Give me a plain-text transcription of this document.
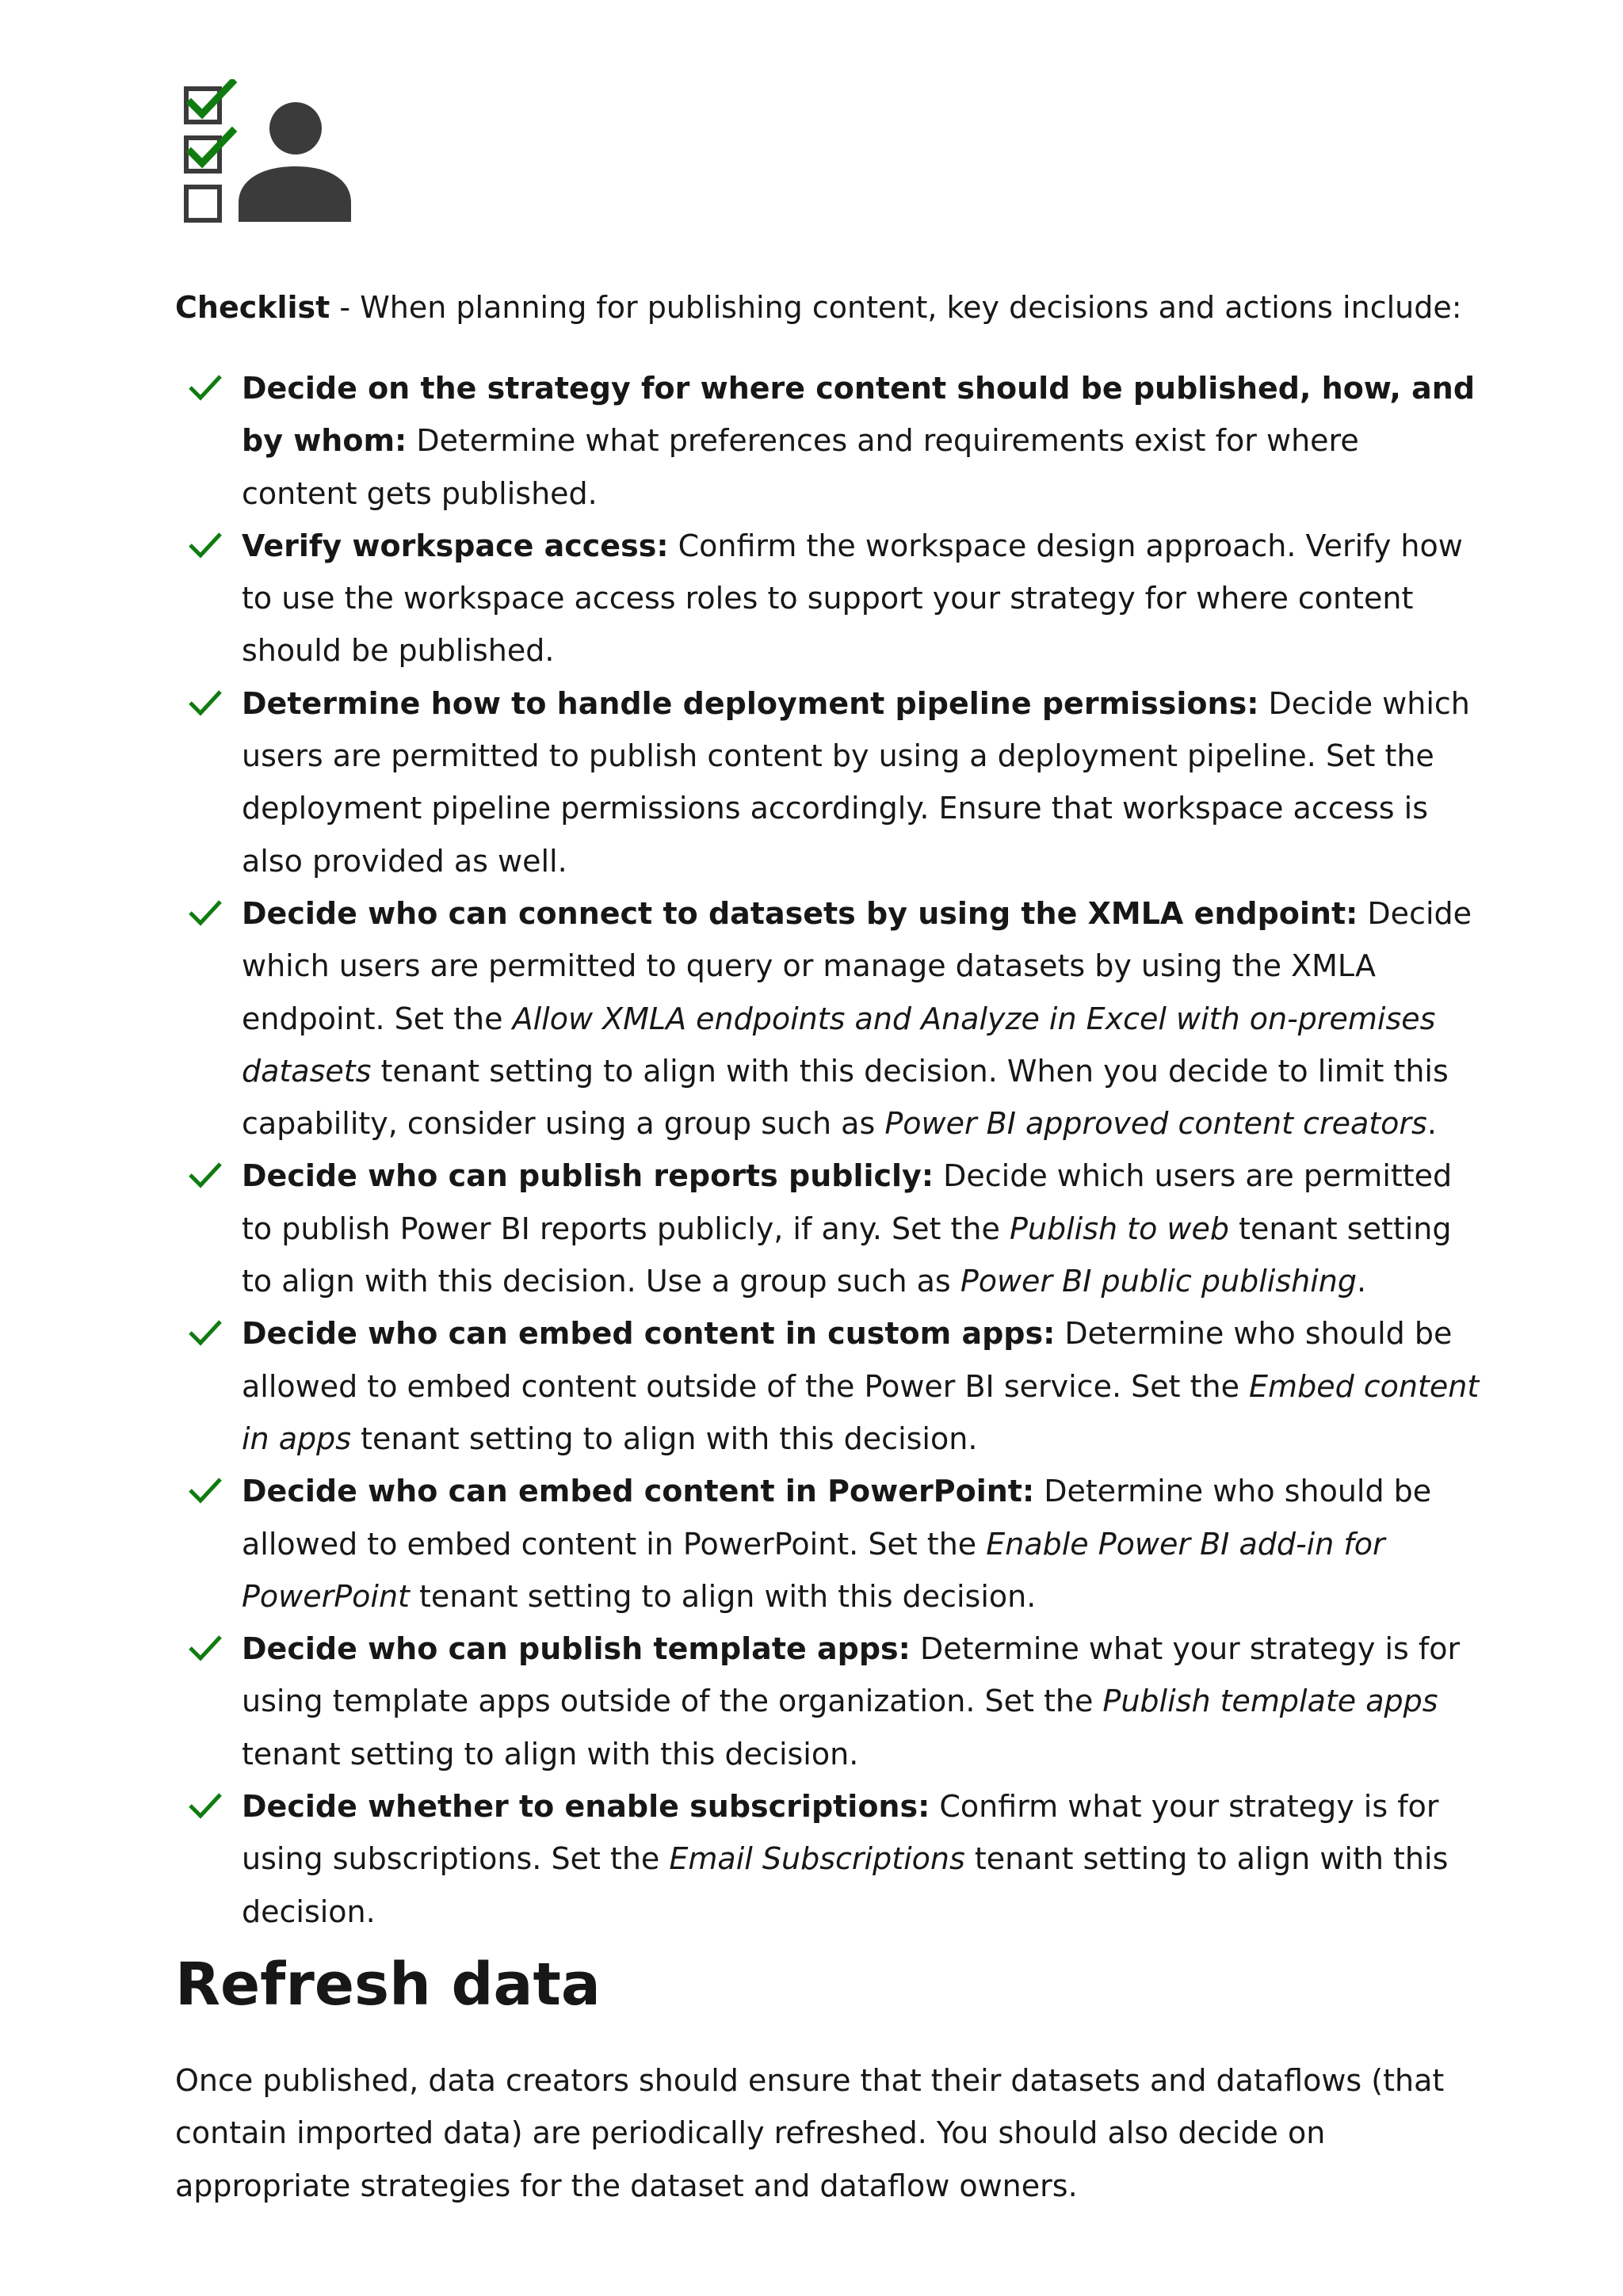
Checklist - When planning for publishing content, key decisions and actions include:
Decide on the strategy for where content should be published, how, and by whom: Determine what preferences and requirements exist for where content gets published.
Verify workspace access: Confirm the workspace design approach. Verify how to use the workspace access roles to support your strategy for where content should be published.
Determine how to handle deployment pipeline permissions: Decide which users are permitted to publish content by using a deployment pipeline. Set the deployment pipeline permissions accordingly. Ensure that workspace access is also provided as well.
Decide who can connect to datasets by using the XMLA endpoint: Decide which users are permitted to query or manage datasets by using the XMLA endpoint. Set the Allow XMLA endpoints and Analyze in Excel with on-premises datasets tenant setting to align with this decision. When you decide to limit this capability, consider using a group such as Power BI approved content creators.
Decide who can publish reports publicly: Decide which users are permitted to publish Power BI reports publicly, if any. Set the Publish to web tenant setting to align with this decision. Use a group such as Power BI public publishing.
Decide who can embed content in custom apps: Determine who should be allowed to embed content outside of the Power BI service. Set the Embed content in apps tenant setting to align with this decision.
Decide who can embed content in PowerPoint: Determine who should be allowed to embed content in PowerPoint. Set the Enable Power BI add-in for PowerPoint tenant setting to align with this decision.
Decide who can publish template apps: Determine what your strategy is for using template apps outside of the organization. Set the Publish template apps tenant setting to align with this decision.
Decide whether to enable subscriptions: Confirm what your strategy is for using subscriptions. Set the Email Subscriptions tenant setting to align with this decision.
Refresh data

Once published, data creators should ensure that their datasets and dataflows (that contain imported data) are periodically refreshed. You should also decide on appropriate strategies for the dataset and dataflow owners.
